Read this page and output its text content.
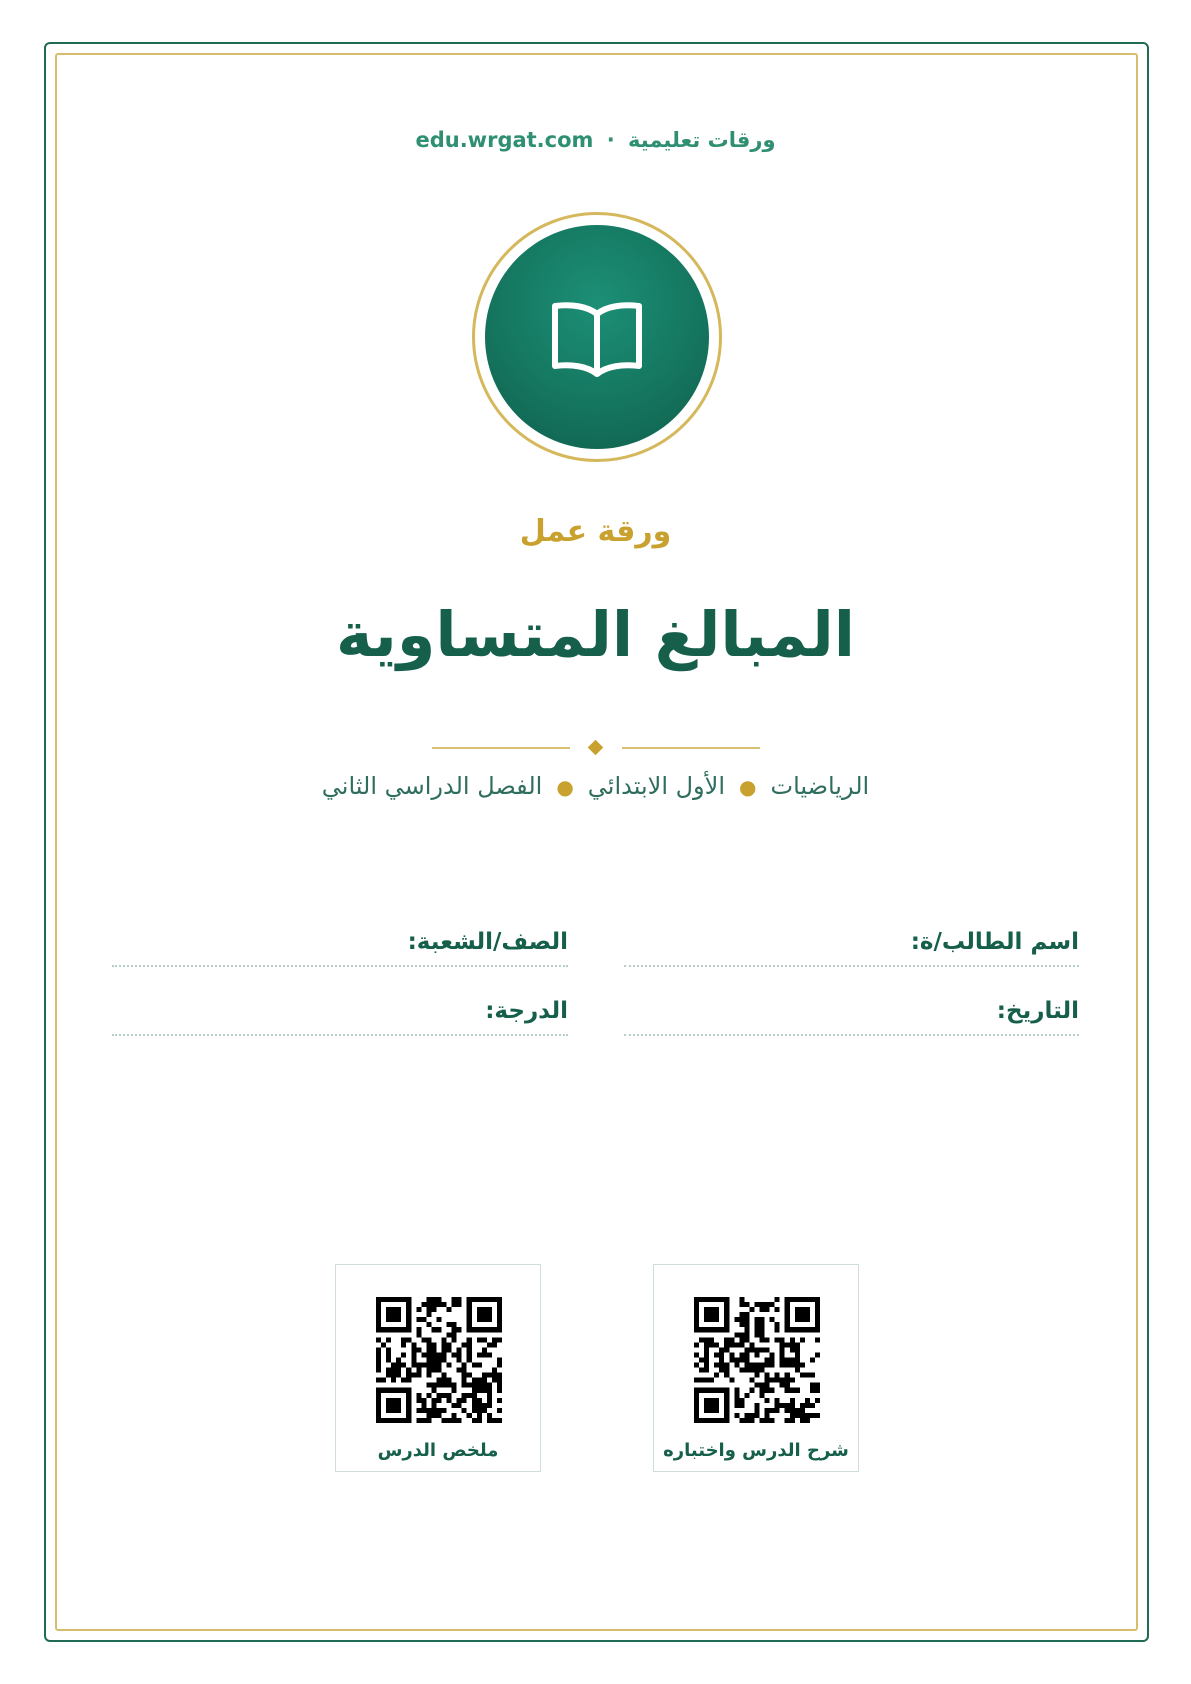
ورقات تعليمية · edu.wrgat.com
ورقة عمل
المبالغ المتساوية
الرياضيات●الأول الابتدائي●الفصل الدراسي الثاني
اسم الطالب/ة:
الصف/الشعبة:
التاريخ:
الدرجة:
شرح الدرس واختباره
ملخص الدرس
